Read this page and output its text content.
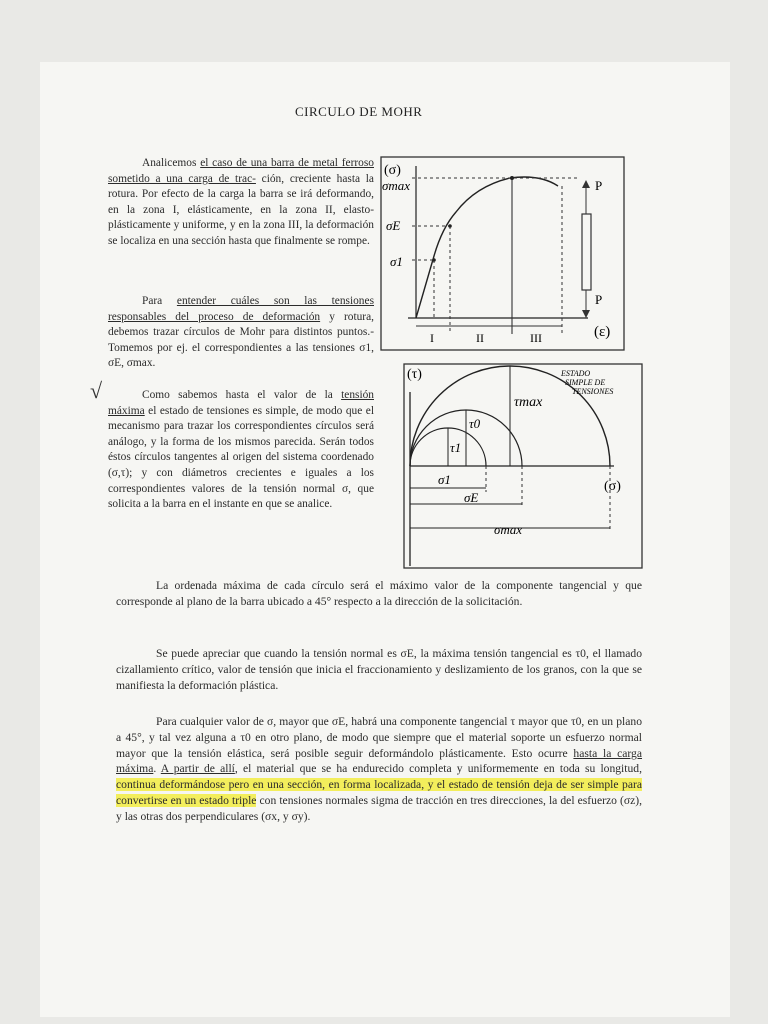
CIRCULO DE MOHR

Analicemos el caso de una barra de metal ferroso sometido a una carga de trac- ción, creciente hasta la rotura. Por efecto de la carga la barra se irá deformando, en la zona I, elásticamente, en la zona II, elasto-plásticamente y uniforme, y en la zona III, la deformación se localiza en una sección hasta que finalmente se rompe.

Para entender cuáles son las tensiones responsables del proceso de deformación y rotura, debemos trazar círculos de Mohr para distintos puntos.- Tomemos por ej. el correspondientes a las tensiones σ1, σE, σmax.

√	Como sabemos hasta el valor de la tensión máxima el estado de tensiones es simple, de modo que el mecanismo para trazar los correspondientes círculos será análogo, y la forma de los mismos parecida. Serán todos éstos círculos tangentes al origen del sistema coordenado (σ,τ); y con diámetros crecientes e iguales a los correspondientes valores de la tensión normal σ, que solicita a la barra en el instante en que se analice.

(σ)
σmax
σE
σ1
(ε)
I	II	III
P
P
(τ)
(σ)
ESTADO
SIMPLE DE
TENSIONES
τmax
τ0
τ1
σ1
σE
σmax

La ordenada máxima de cada círculo será el máximo valor de la componente tangencial y que corresponde al plano de la barra ubicado a 45° respecto a la dirección de la solicitación.

Se puede apreciar que cuando la tensión normal es σE, la máxima tensión tangencial es τ0, el llamado cizallamiento crítico, valor de tensión que inicia el fraccionamiento y deslizamiento de los granos, con la que se manifiesta la deformación plástica.

Para cualquier valor de σ, mayor que σE, habrá una componente tangencial τ mayor que τ0, en un plano a 45°, y tal vez alguna a τ0 en otro plano, de modo que siempre que el material soporte un esfuerzo normal mayor que la tensión elástica, será posible seguir deformándolo plásticamente. Esto ocurre hasta la carga máxima. A partir de allí, el material que se ha endurecido completa y uniformemente en toda su longitud, continua deformándose pero en una sección, en forma localizada, y el estado de tensión deja de ser simple para convertirse en un estado triple con tensiones normales sigma de tracción en tres direcciones, la del esfuerzo (σz), y las otras dos perpendiculares (σx, y σy).
